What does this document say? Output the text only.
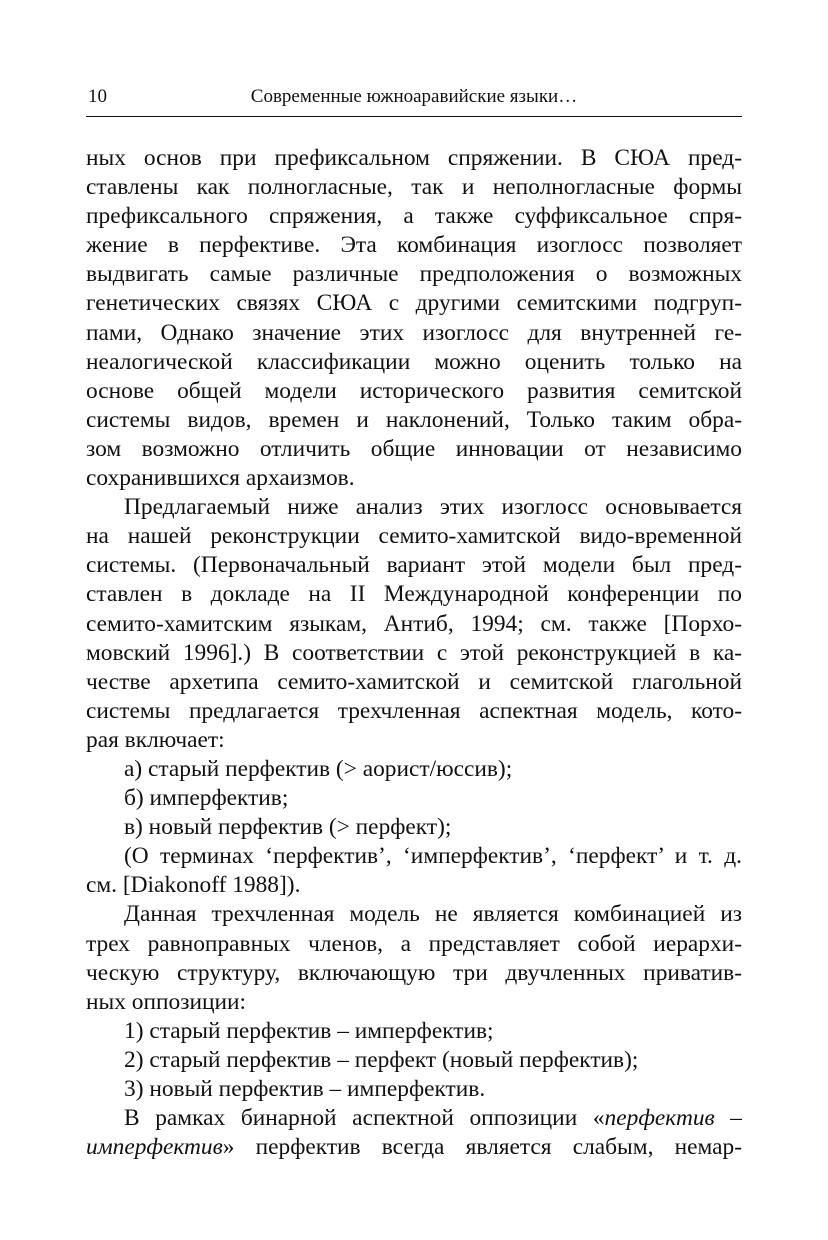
10	Современные южноаравийские языки…
ных основ при префиксальном спряжении. В СЮА пред-
ставлены как полногласные, так и неполногласные формы
префиксального спряжения, а также суффиксальное спря-
жение в перфективе. Эта комбинация изоглосс позволяет
выдвигать самые различные предположения о возможных
генетических связях СЮА с другими семитскими подгруп-
пами, Однако значение этих изоглосс для внутренней ге-
неалогической классификации можно оценить только на
основе общей модели исторического развития семитской
системы видов, времен и наклонений, Только таким обра-
зом возможно отличить общие инновации от независимо
сохранившихся архаизмов.
Предлагаемый ниже анализ этих изоглосс основывается
на нашей реконструкции семито-хамитской видо-временной
системы. (Первоначальный вариант этой модели был пред-
ставлен в докладе на II Международной конференции по
семито-хамитским языкам, Антиб, 1994; см. также [Порхо-
мовский 1996].) В соответствии с этой реконструкцией в ка-
честве архетипа семито-хамитской и семитской глагольной
системы предлагается трехчленная аспектная модель, кото-
рая включает:
а) старый перфектив (> аорист/юссив);
б) имперфектив;
в) новый перфектив (> перфект);
(О терминах ‘перфектив’, ‘имперфектив’, ‘перфект’ и т. д.
см. [Diakonoff 1988]).
Данная трехчленная модель не является комбинацией из
трех равноправных членов, а представляет собой иерархи-
ческую структуру, включающую три двучленных приватив-
ных оппозиции:
1) старый перфектив – имперфектив;
2) старый перфектив – перфект (новый перфектив);
3) новый перфектив – имперфектив.
В рамках бинарной аспектной оппозиции «перфектив –
имперфектив» перфектив всегда является слабым, немар-
